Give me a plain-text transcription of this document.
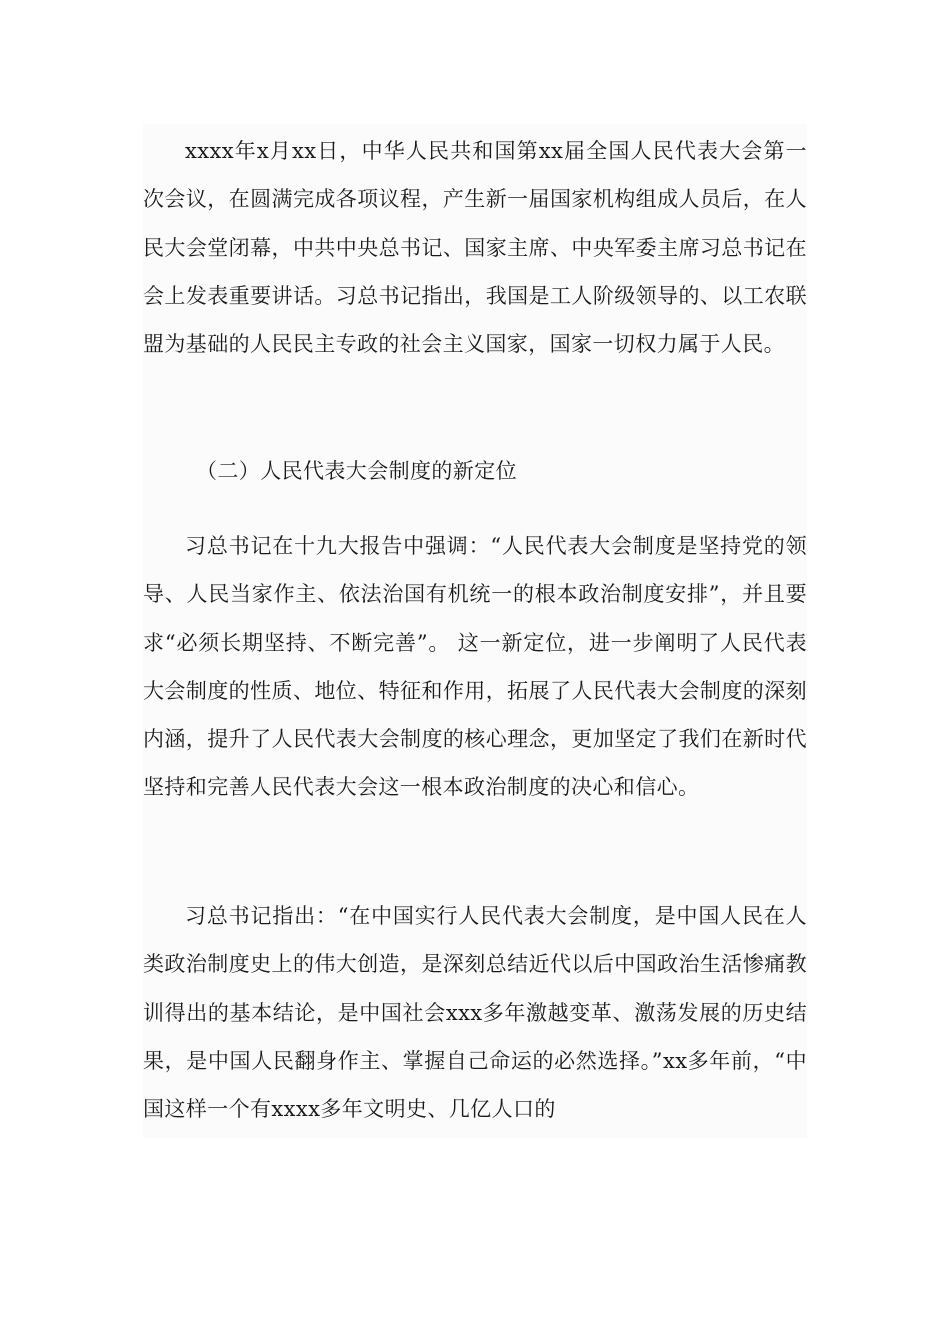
xxxx年x月xx日，中华人民共和国第xx届全国人民代表大会第一次会议，在圆满完成各项议程，产生新一届国家机构组成人员后，在人民大会堂闭幕，中共中央总书记、国家主席、中央军委主席习总书记在会上发表重要讲话。习总书记指出，我国是工人阶级领导的、以工农联盟为基础的人民民主专政的社会主义国家，国家一切权力属于人民。

（二）人民代表大会制度的新定位

习总书记在十九大报告中强调：“人民代表大会制度是坚持党的领导、人民当家作主、依法治国有机统一的根本政治制度安排”，并且要求“必须长期坚持、不断完善”。 这一新定位，进一步阐明了人民代表大会制度的性质、地位、特征和作用，拓展了人民代表大会制度的深刻内涵，提升了人民代表大会制度的核心理念，更加坚定了我们在新时代坚持和完善人民代表大会这一根本政治制度的决心和信心。

习总书记指出：“在中国实行人民代表大会制度，是中国人民在人类政治制度史上的伟大创造，是深刻总结近代以后中国政治生活惨痛教训得出的基本结论，是中国社会xxx多年激越变革、激荡发展的历史结果，是中国人民翻身作主、掌握自己命运的必然选择。”xx多年前，“中国这样一个有xxxx多年文明史、几亿人口的
